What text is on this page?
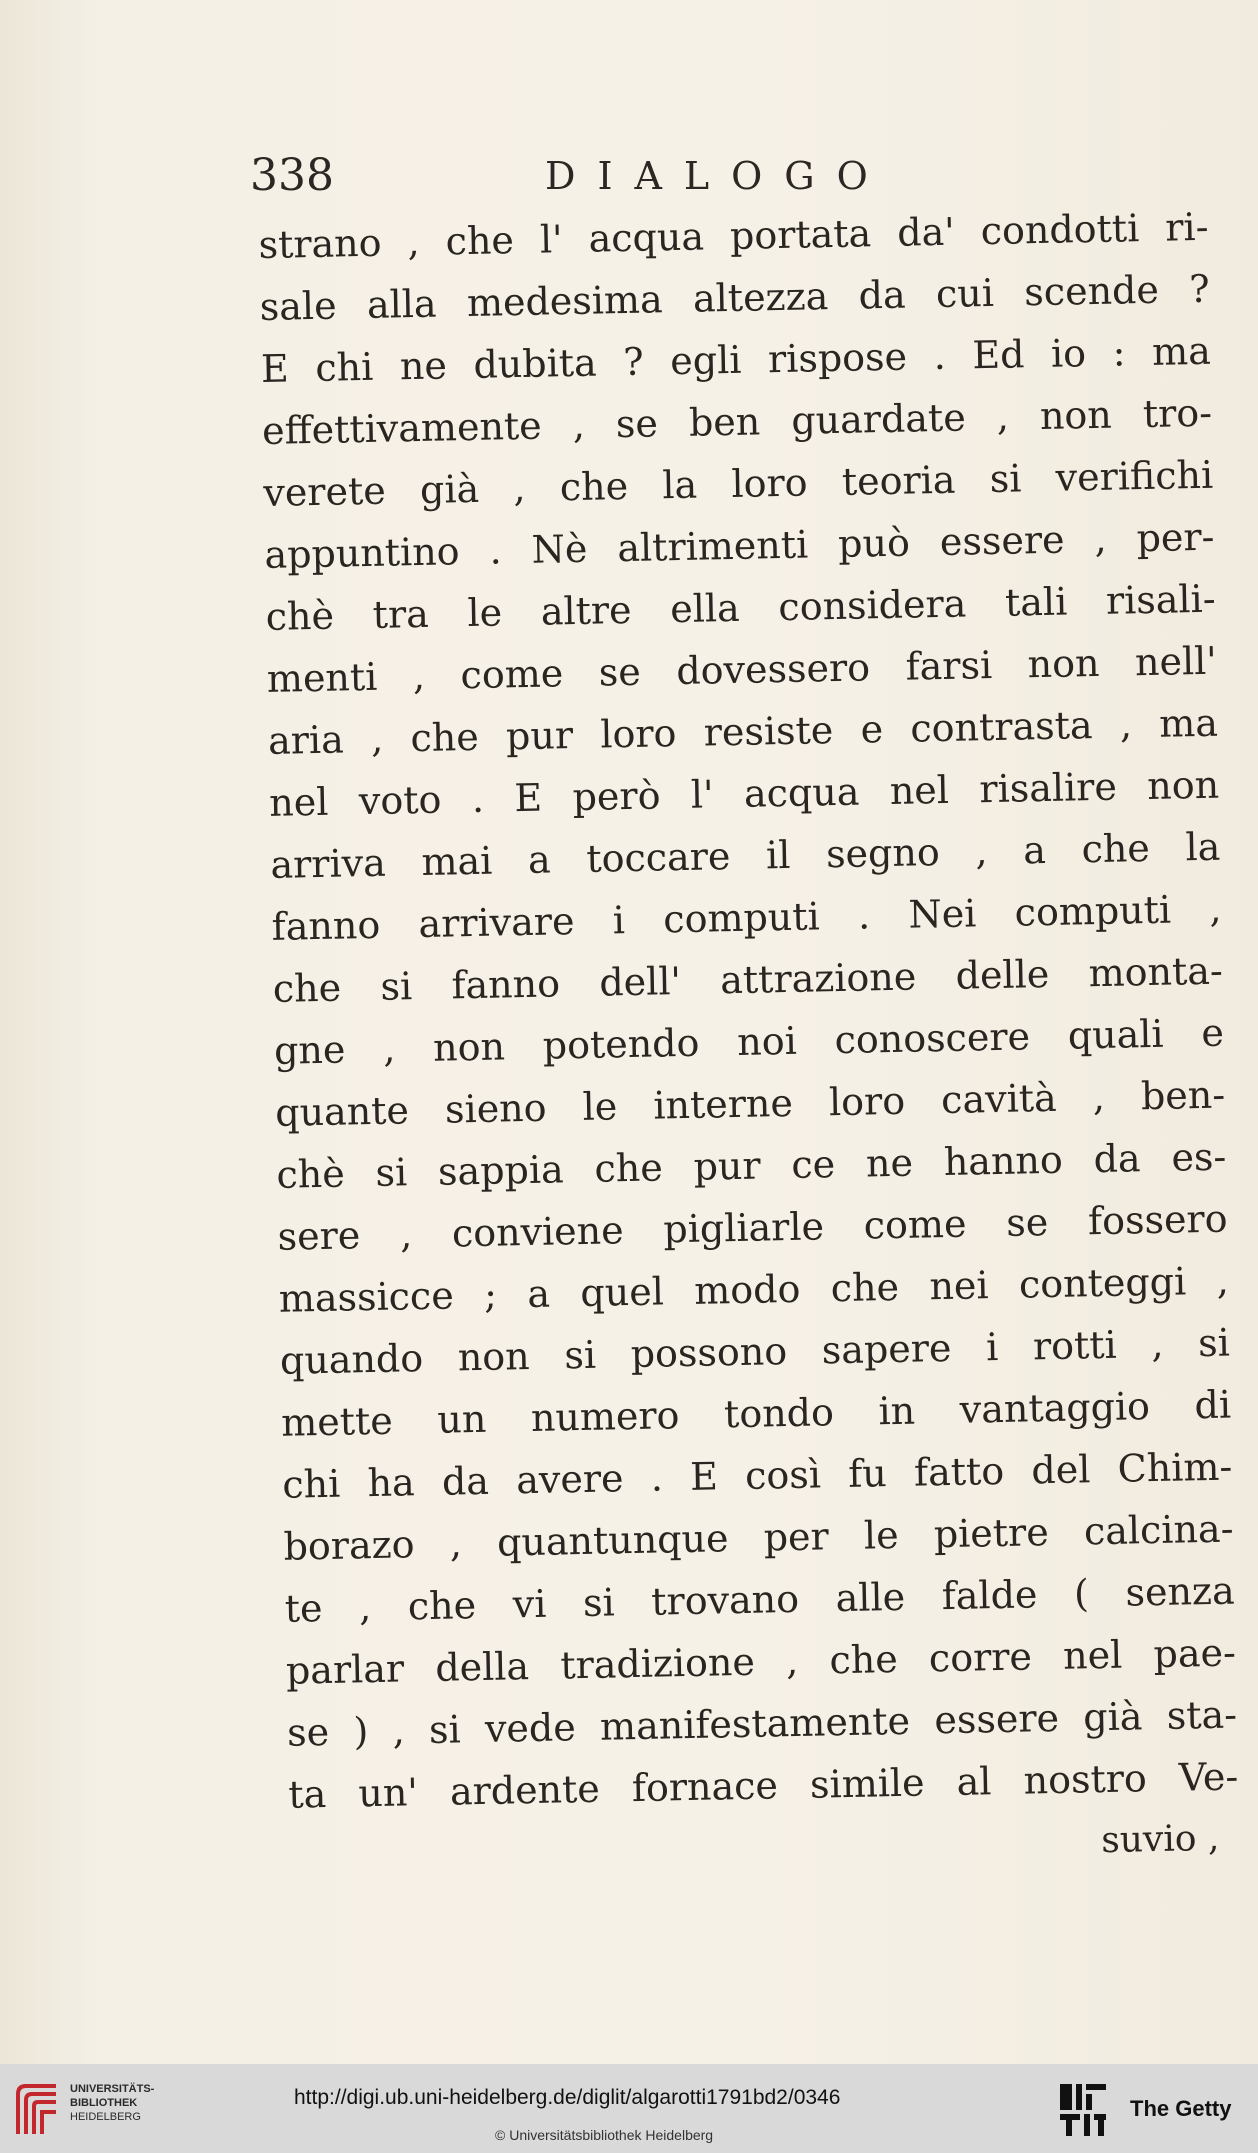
338	DIALOGO
strano , che l' acqua portata da' condotti ri-
sale alla medesima altezza da cui scende ?
E chi ne dubita ? egli rispose . Ed io : ma
effettivamente , se ben guardate , non tro-
verete già , che la loro teoria si verifichi
appuntino . Nè altrimenti può essere , per-
chè tra le altre ella considera tali risali-
menti , come se dovessero farsi non nell'
aria , che pur loro resiste e contrasta , ma
nel voto . E però l' acqua nel risalire non
arriva mai a toccare il segno , a che la
fanno arrivare i computi . Nei computi ,
che si fanno dell' attrazione delle monta-
gne , non potendo noi conoscere quali e
quante sieno le interne loro cavità , ben-
chè si sappia che pur ce ne hanno da es-
sere , conviene pigliarle come se fossero
massicce ; a quel modo che nei conteggi ,
quando non si possono sapere i rotti , si
mette un numero tondo in vantaggio di
chi ha da avere . E così fu fatto del Chim-
borazo , quantunque per le pietre calcina-
te , che vi si trovano alle falde ( senza
parlar della tradizione , che corre nel pae-
se ) , si vede manifestamente essere già sta-
ta un' ardente fornace simile al nostro Ve-
suvio ,
UNIVERSITÄTS-
BIBLIOTHEK
HEIDELBERG
http://digi.ub.uni-heidelberg.de/diglit/algarotti1791bd2/0346
© Universitätsbibliothek Heidelberg
The Getty
